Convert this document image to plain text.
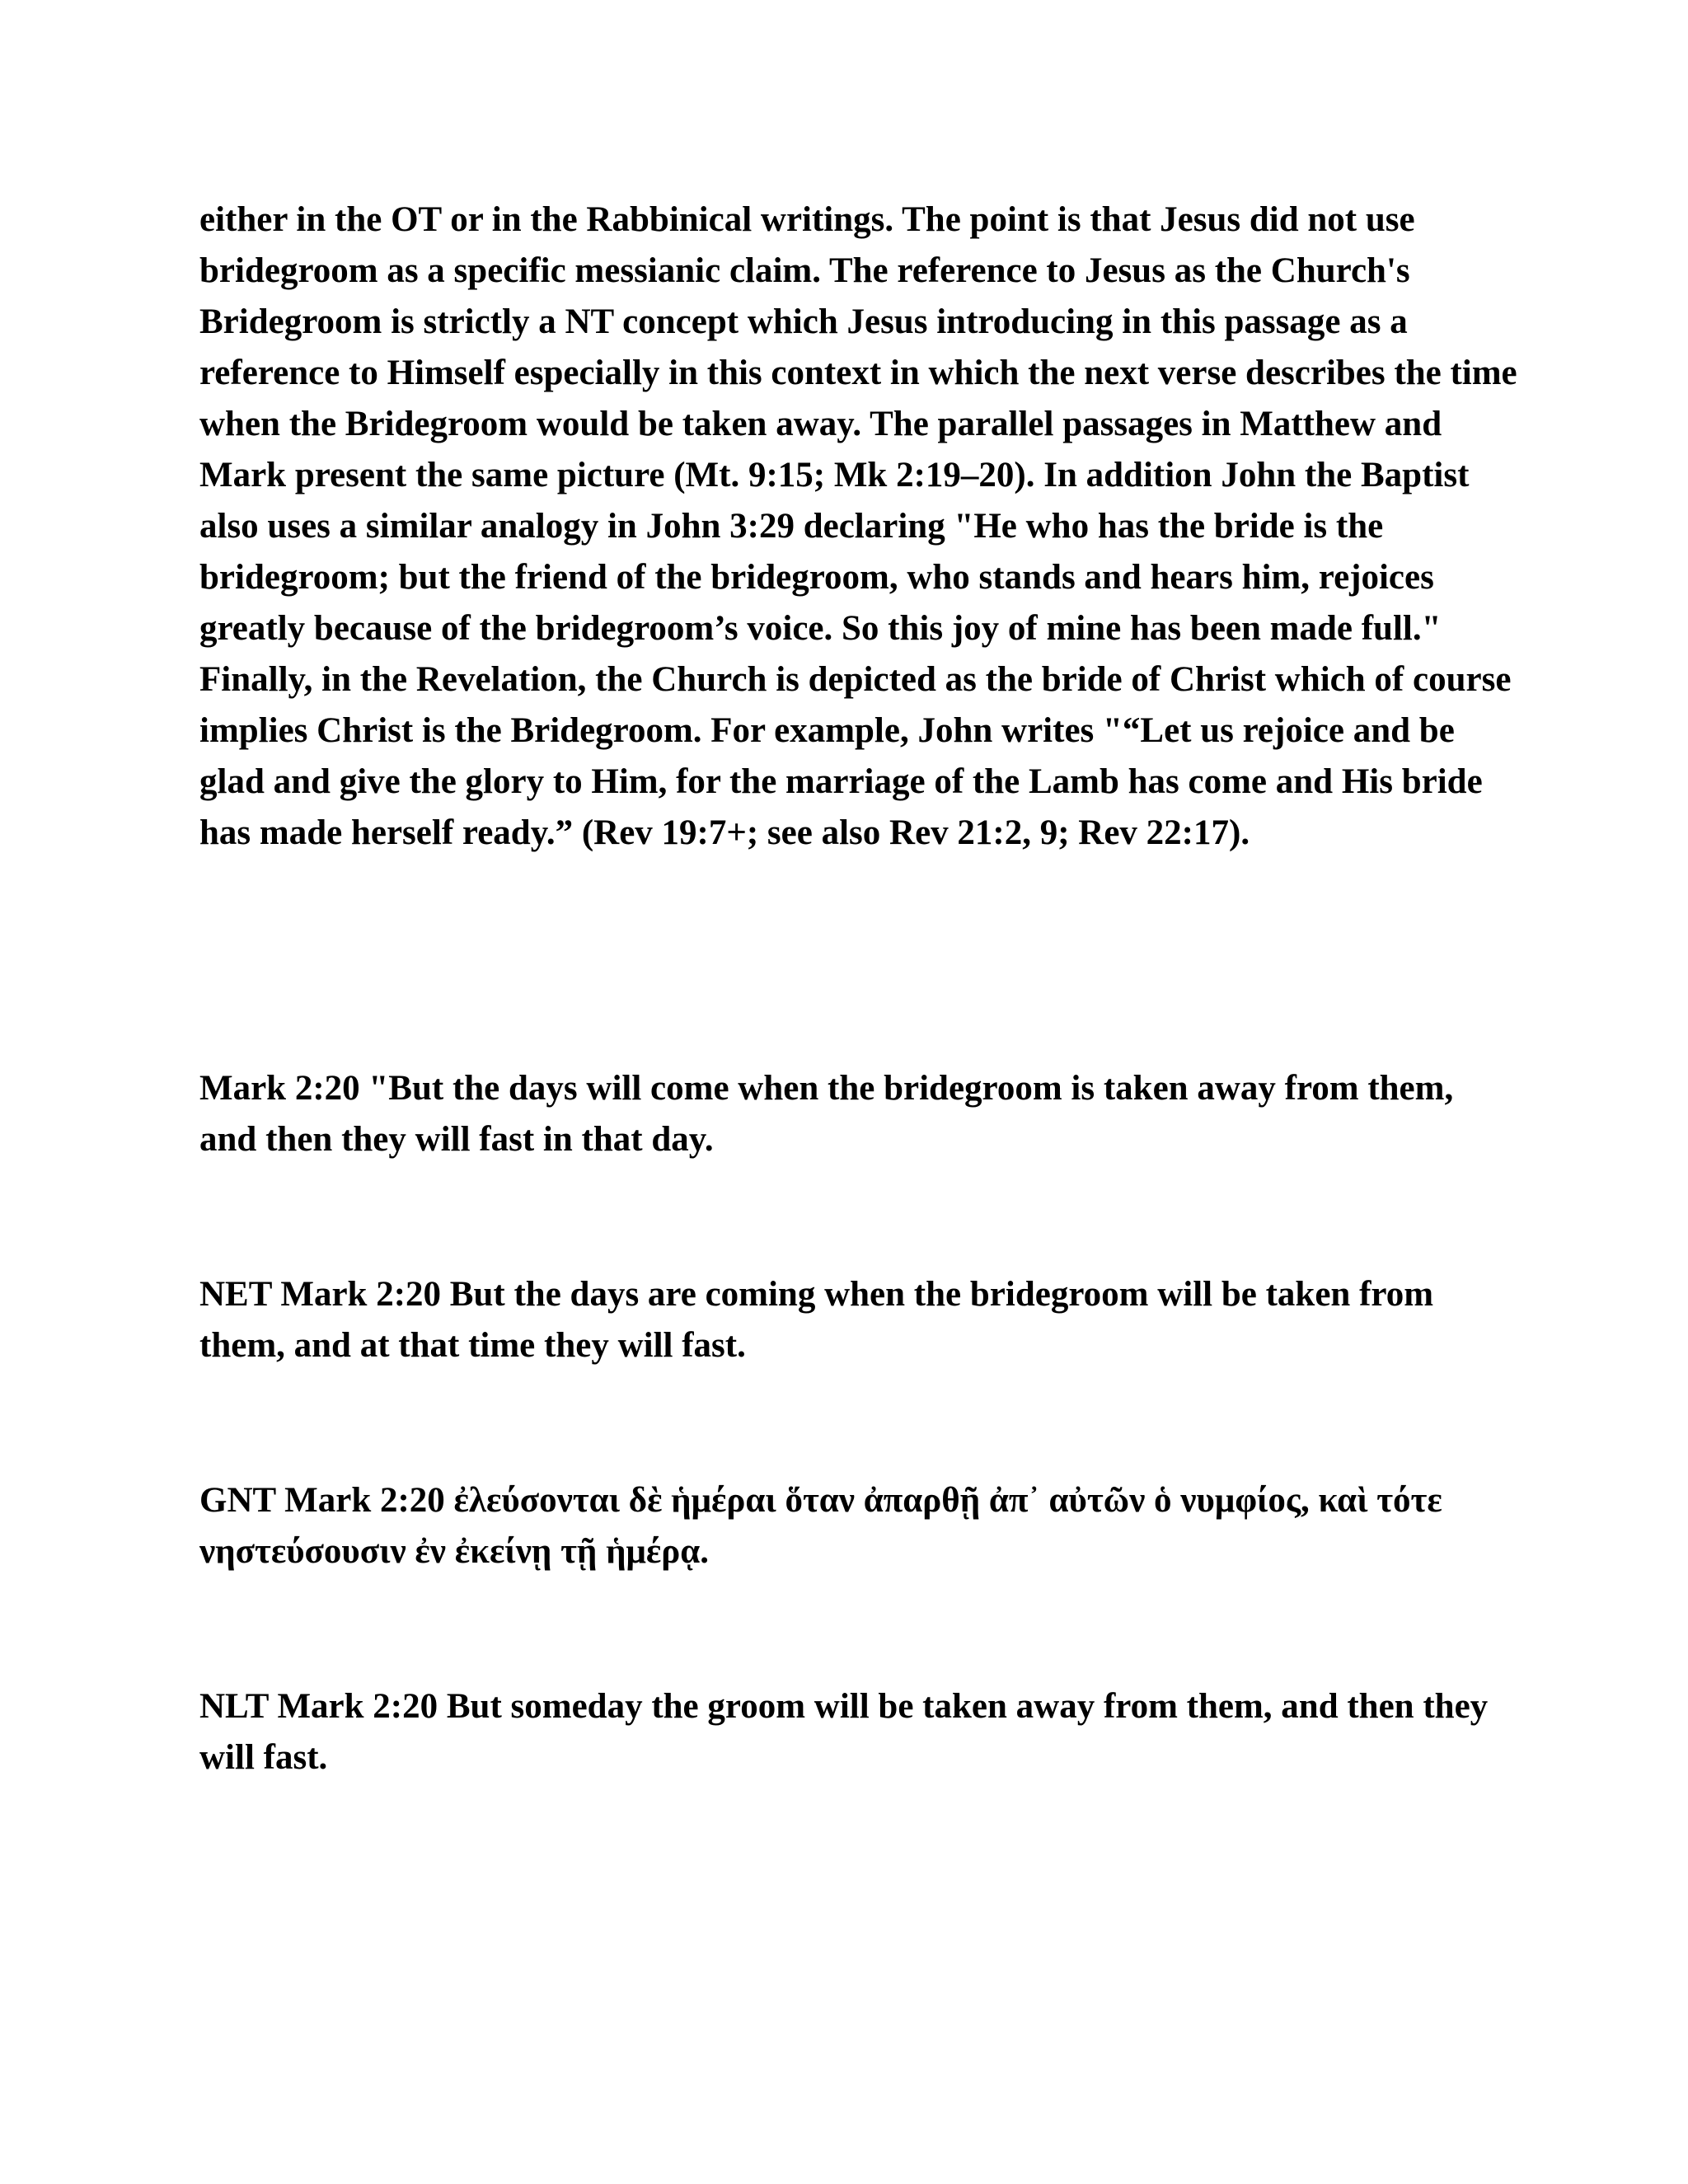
either in the OT or in the Rabbinical writings. The point is that Jesus did not use bridegroom as a specific messianic claim. The reference to Jesus as the Church's Bridegroom is strictly a NT concept which Jesus introducing in this passage as a reference to Himself especially in this context in which the next verse describes the time when the Bridegroom would be taken away. The parallel passages in Matthew and Mark present the same picture (Mt. 9:15; Mk 2:19–20). In addition John the Baptist also uses a similar analogy in John 3:29 declaring "He who has the bride is the bridegroom; but the friend of the bridegroom, who stands and hears him, rejoices greatly because of the bridegroom’s voice. So this joy of mine has been made full." Finally, in the Revelation, the Church is depicted as the bride of Christ which of course implies Christ is the Bridegroom. For example, John writes "“Let us rejoice and be glad and give the glory to Him, for the marriage of the Lamb has come and His bride has made herself ready.” (Rev 19:7+; see also Rev 21:2, 9; Rev 22:17).

Mark 2:20 "But the days will come when the bridegroom is taken away from them, and then they will fast in that day.

NET Mark 2:20 But the days are coming when the bridegroom will be taken from them, and at that time they will fast.

GNT Mark 2:20 ἐλεύσονται δὲ ἡμέραι ὅταν ἀπαρθῇ ἀπ᾽ αὐτῶν ὁ νυμφίος, καὶ τότε νηστεύσουσιν ἐν ἐκείνῃ τῇ ἡμέρᾳ.

NLT Mark 2:20 But someday the groom will be taken away from them, and then they will fast.
